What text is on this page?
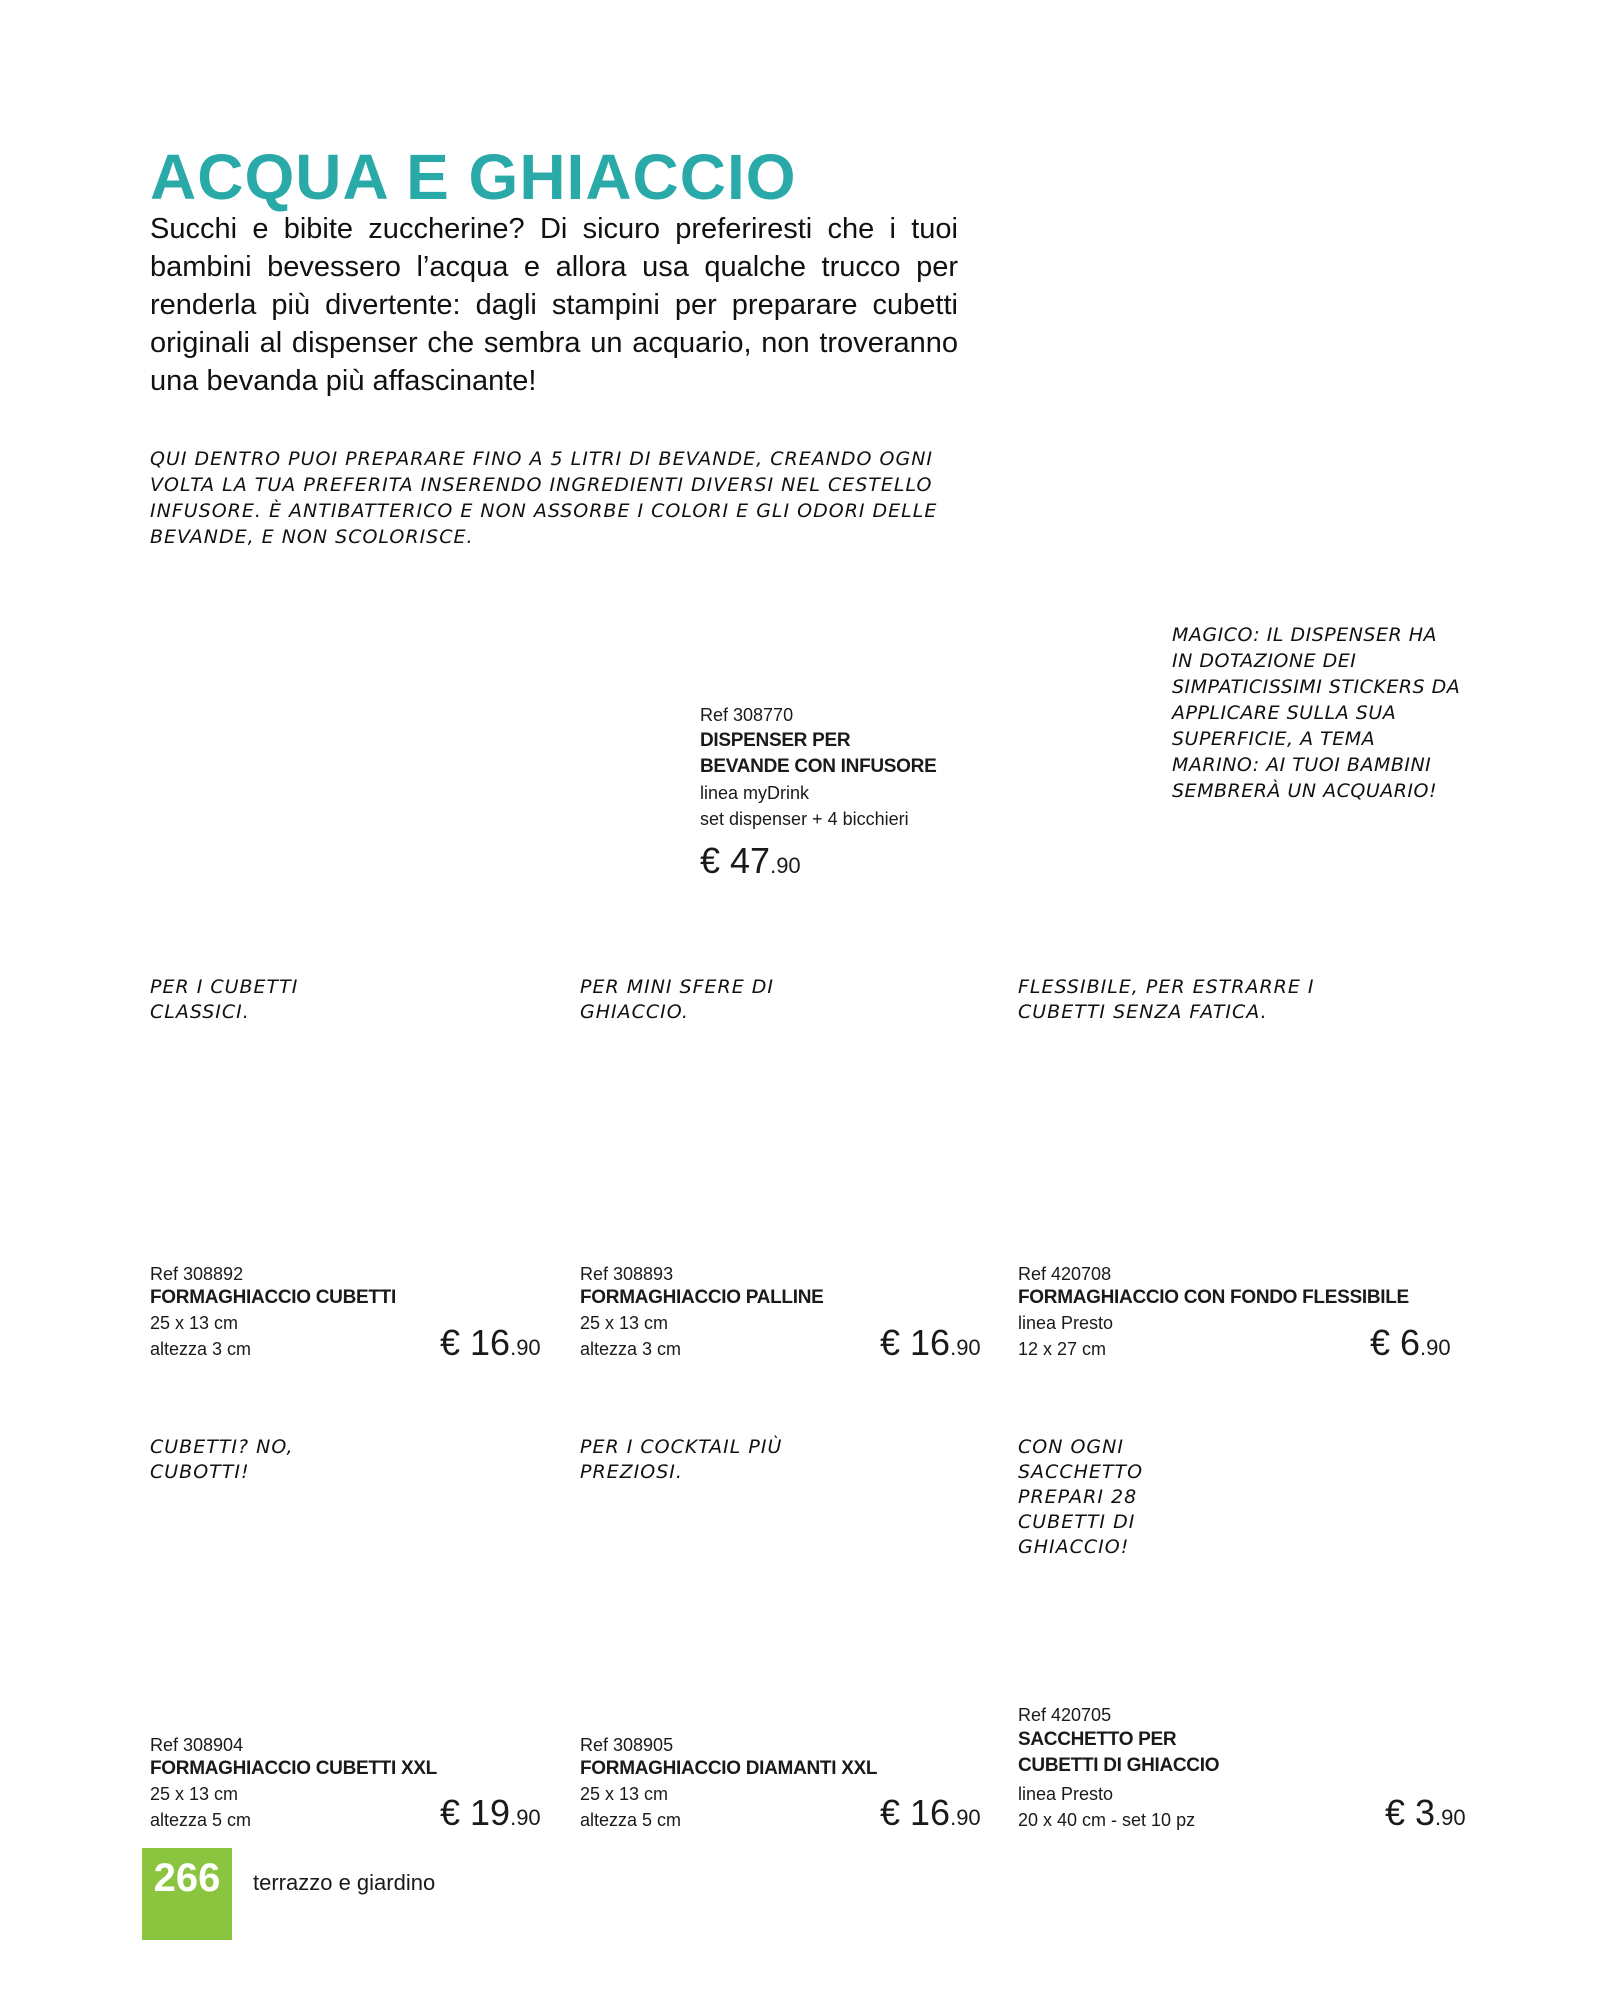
ACQUA E GHIACCIO
Succhi e bibite zuccherine? Di sicuro preferiresti che i tuoi bambini bevessero l’acqua e allora usa qualche trucco per renderla più divertente: dagli stampini per preparare cubetti originali al dispenser che sembra un acquario, non troveranno una bevanda più affascinante!
QUI DENTRO PUOI PREPARARE FINO A 5 LITRI DI BEVANDE, CREANDO OGNI VOLTA LA TUA PREFERITA INSERENDO INGREDIENTI DIVERSI NEL CESTELLO INFUSORE. È ANTIBATTERICO E NON ASSORBE I COLORI E GLI ODORI DELLE BEVANDE, E NON SCOLORISCE.
Ref 308770
DISPENSER PER
BEVANDE CON INFUSORE
linea myDrink
set dispenser + 4 bicchieri
€ 47.90
MAGICO: IL DISPENSER HA IN DOTAZIONE DEI SIMPATICISSIMI STICKERS DA APPLICARE SULLA SUA SUPERFICIE, A TEMA MARINO: AI TUOI BAMBINI SEMBRERÀ UN ACQUARIO!
PER I CUBETTI CLASSICI.
Ref 308892
FORMAGHIACCIO CUBETTI
25 x 13 cm
altezza 3 cm	€ 16.90
PER MINI SFERE DI GHIACCIO.
Ref 308893
FORMAGHIACCIO PALLINE
25 x 13 cm
altezza 3 cm	€ 16.90
FLESSIBILE, PER ESTRARRE I CUBETTI SENZA FATICA.
Ref 420708
FORMAGHIACCIO CON FONDO FLESSIBILE
linea Presto
12 x 27 cm	€ 6.90
CUBETTI? NO, CUBOTTI!
Ref 308904
FORMAGHIACCIO CUBETTI XXL
25 x 13 cm
altezza 5 cm	€ 19.90
PER I COCKTAIL PIÙ PREZIOSI.
Ref 308905
FORMAGHIACCIO DIAMANTI XXL
25 x 13 cm
altezza 5 cm	€ 16.90
CON OGNI SACCHETTO PREPARI 28 CUBETTI DI GHIACCIO!
Ref 420705
SACCHETTO PER
CUBETTI DI GHIACCIO
linea Presto
20 x 40 cm - set 10 pz	€ 3.90
266	terrazzo e giardino
